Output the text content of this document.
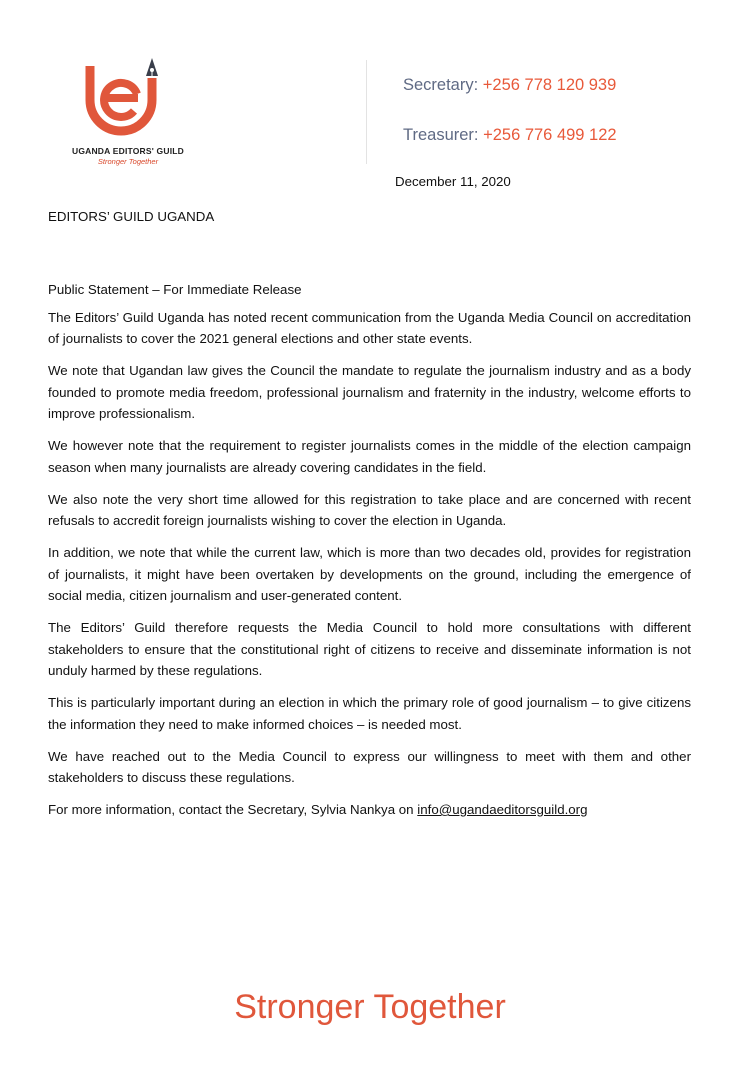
UGANDA EDITORS' GUILD
Stronger Together
Secretary: +256 778 120 939
Treasurer: +256 776 499 122
December 11, 2020
EDITORS’ GUILD UGANDA

Public Statement – For Immediate Release

The Editors’ Guild Uganda has noted recent communication from the Uganda Media Council on accreditation of journalists to cover the 2021 general elections and other state events.

We note that Ugandan law gives the Council the mandate to regulate the journalism industry and as a body founded to promote media freedom, professional journalism and fraternity in the industry, welcome efforts to improve professionalism.

We however note that the requirement to register journalists comes in the middle of the election campaign season when many journalists are already covering candidates in the field.

We also note the very short time allowed for this registration to take place and are concerned with recent refusals to accredit foreign journalists wishing to cover the election in Uganda.

In addition, we note that while the current law, which is more than two decades old, provides for registration of journalists, it might have been overtaken by developments on the ground, including the emergence of social media, citizen journalism and user-generated content.

The Editors’ Guild therefore requests the Media Council to hold more consultations with different stakeholders to ensure that the constitutional right of citizens to receive and disseminate information is not unduly harmed by these regulations.

This is particularly important during an election in which the primary role of good journalism – to give citizens the information they need to make informed choices – is needed most.

We have reached out to the Media Council to express our willingness to meet with them and other stakeholders to discuss these regulations.

For more information, contact the Secretary, Sylvia Nankya on info@ugandaeditorsguild.org

Stronger Together
